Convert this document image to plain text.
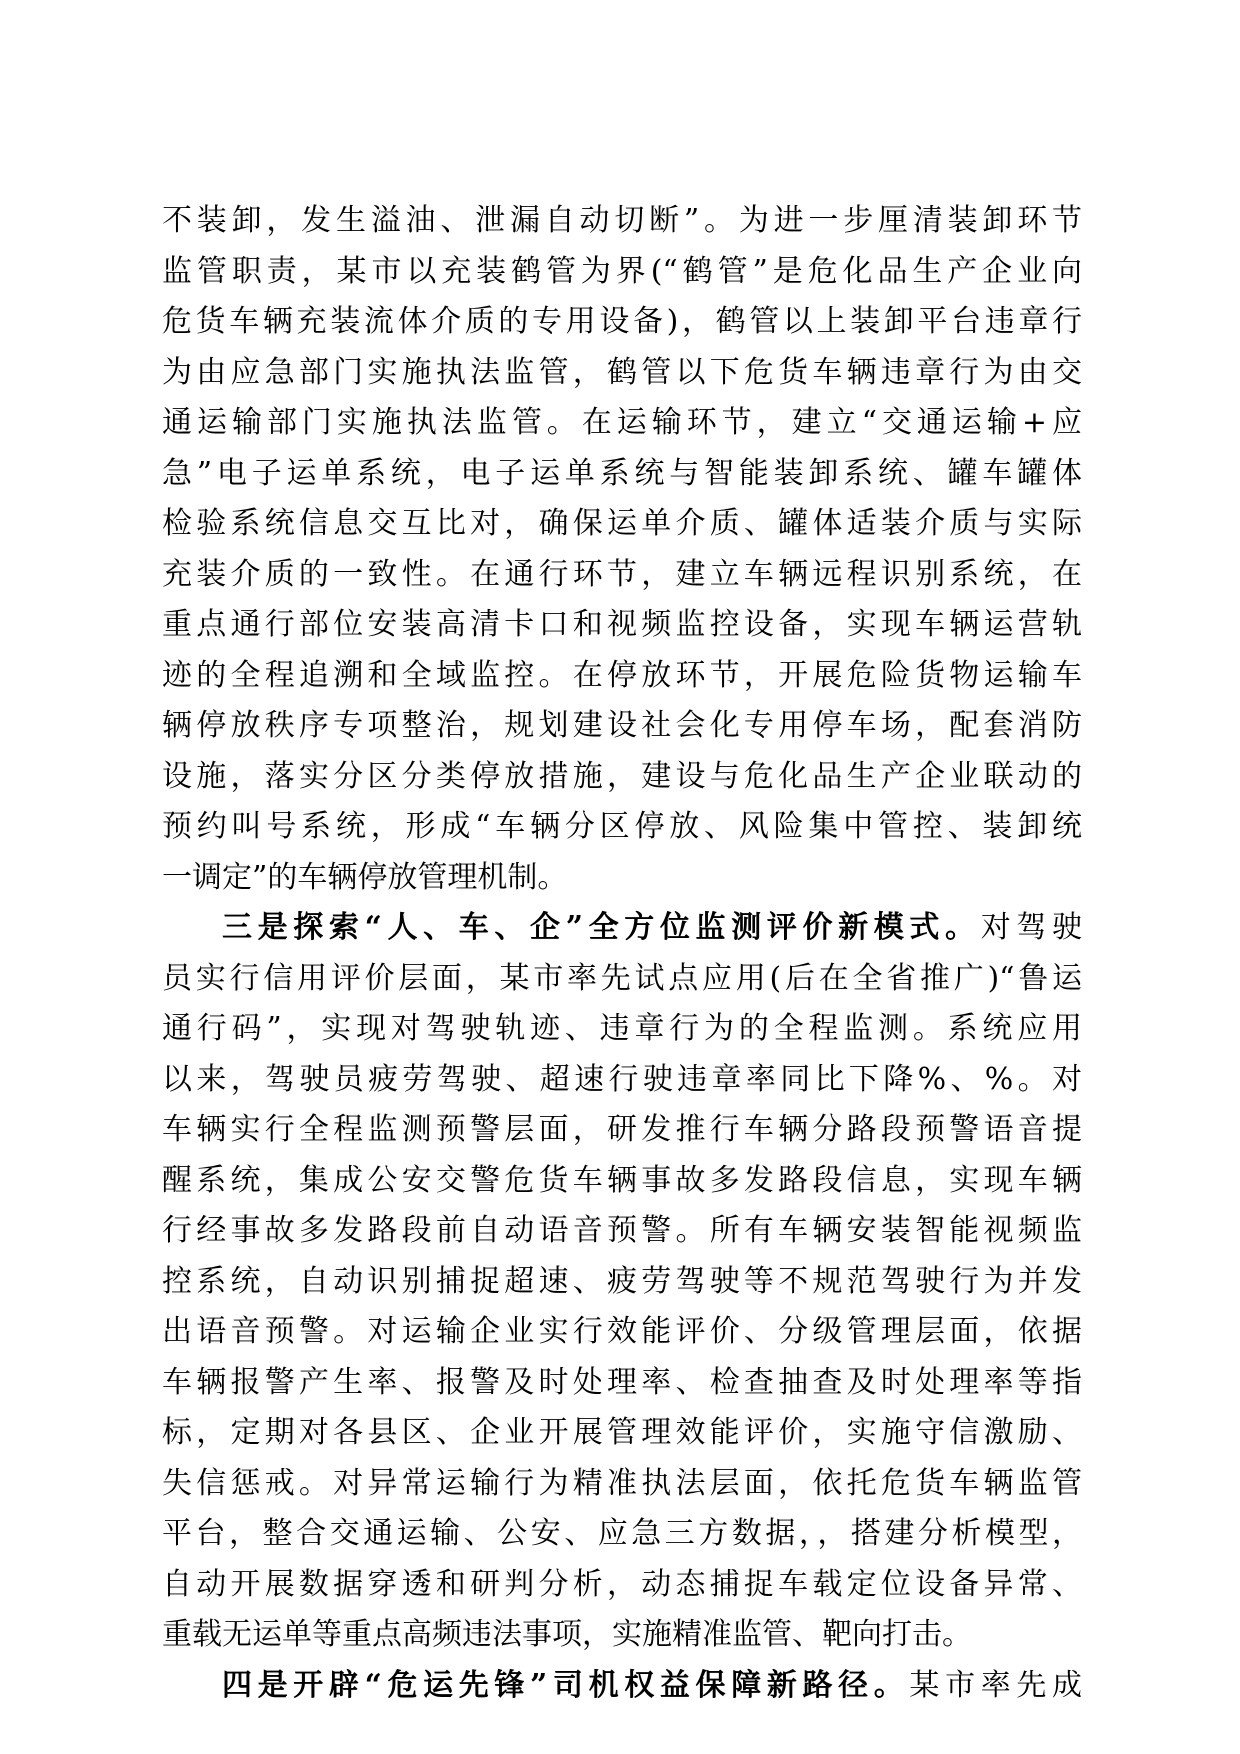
不装卸，发生溢油、泄漏自动切断”。为进一步厘清装卸环节
监管职责，某市以充装鹤管为界(“鹤管”是危化品生产企业向
危货车辆充装流体介质的专用设备)，鹤管以上装卸平台违章行
为由应急部门实施执法监管，鹤管以下危货车辆违章行为由交
通运输部门实施执法监管。在运输环节，建立“交通运输+应
急”电子运单系统，电子运单系统与智能装卸系统、罐车罐体
检验系统信息交互比对，确保运单介质、罐体适装介质与实际
充装介质的一致性。在通行环节，建立车辆远程识别系统，在
重点通行部位安装高清卡口和视频监控设备，实现车辆运营轨
迹的全程追溯和全域监控。在停放环节，开展危险货物运输车
辆停放秩序专项整治，规划建设社会化专用停车场，配套消防
设施，落实分区分类停放措施，建设与危化品生产企业联动的
预约叫号系统，形成“车辆分区停放、风险集中管控、装卸统
一调定”的车辆停放管理机制。
三是探索“人、车、企”全方位监测评价新模式。对驾驶
员实行信用评价层面，某市率先试点应用(后在全省推广)“鲁运
通行码”，实现对驾驶轨迹、违章行为的全程监测。系统应用
以来，驾驶员疲劳驾驶、超速行驶违章率同比下降%、%。对
车辆实行全程监测预警层面，研发推行车辆分路段预警语音提
醒系统，集成公安交警危货车辆事故多发路段信息，实现车辆
行经事故多发路段前自动语音预警。所有车辆安装智能视频监
控系统，自动识别捕捉超速、疲劳驾驶等不规范驾驶行为并发
出语音预警。对运输企业实行效能评价、分级管理层面，依据
车辆报警产生率、报警及时处理率、检查抽查及时处理率等指
标，定期对各县区、企业开展管理效能评价，实施守信激励、
失信惩戒。对异常运输行为精准执法层面，依托危货车辆监管
平台，整合交通运输、公安、应急三方数据，，搭建分析模型，
自动开展数据穿透和研判分析，动态捕捉车载定位设备异常、
重载无运单等重点高频违法事项，实施精准监管、靶向打击。
四是开辟“危运先锋”司机权益保障新路径。某市率先成
